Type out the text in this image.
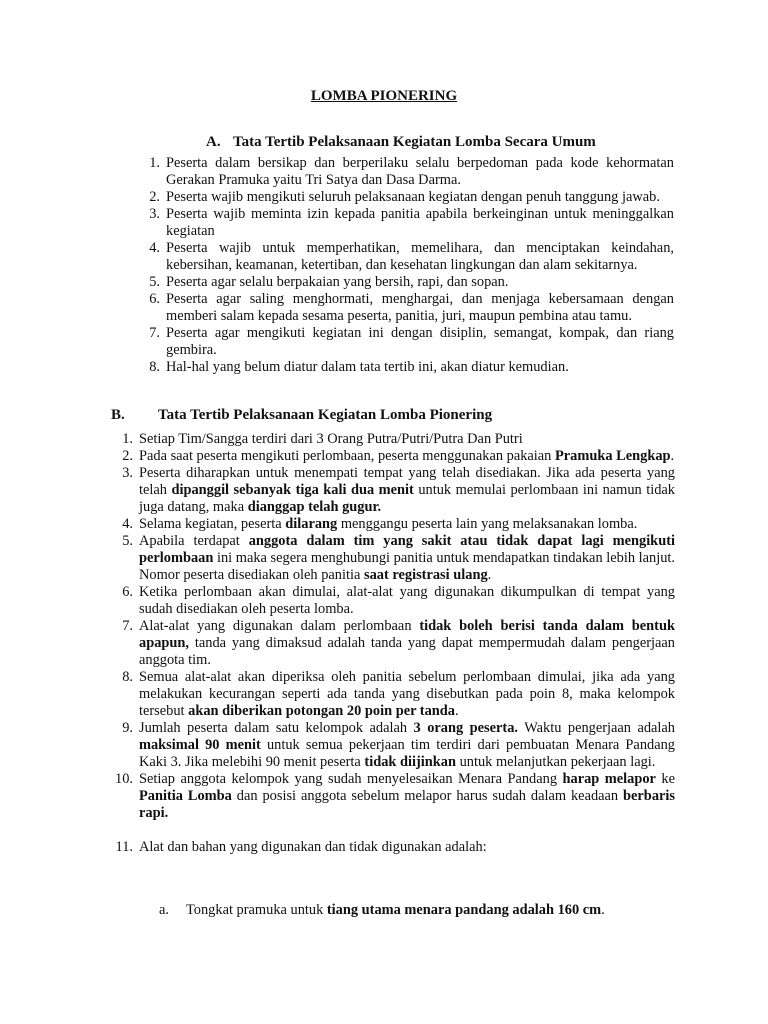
LOMBA PIONERING
A. Tata Tertib Pelaksanaan Kegiatan Lomba Secara Umum
1. Peserta dalam bersikap dan berperilaku selalu berpedoman pada kode kehormatan Gerakan Pramuka yaitu Tri Satya dan Dasa Darma.
2. Peserta wajib mengikuti seluruh pelaksanaan kegiatan dengan penuh tanggung jawab.
3. Peserta wajib meminta izin kepada panitia apabila berkeinginan untuk meninggalkan kegiatan
4. Peserta wajib untuk memperhatikan, memelihara, dan menciptakan keindahan, kebersihan, keamanan, ketertiban, dan kesehatan lingkungan dan alam sekitarnya.
5. Peserta agar selalu berpakaian yang bersih, rapi, dan sopan.
6. Peserta agar saling menghormati, menghargai, dan menjaga kebersamaan dengan memberi salam kepada sesama peserta, panitia, juri, maupun pembina atau tamu.
7. Peserta agar mengikuti kegiatan ini dengan disiplin, semangat, kompak, dan riang gembira.
8. Hal-hal yang belum diatur dalam tata tertib ini, akan diatur kemudian.
B. Tata Tertib Pelaksanaan Kegiatan Lomba Pionering
1. Setiap Tim/Sangga terdiri dari 3 Orang Putra/Putri/Putra Dan Putri
2. Pada saat peserta mengikuti perlombaan, peserta menggunakan pakaian Pramuka Lengkap.
3. Peserta diharapkan untuk menempati tempat yang telah disediakan. Jika ada peserta yang telah dipanggil sebanyak tiga kali dua menit untuk memulai perlombaan ini namun tidak juga datang, maka dianggap telah gugur.
4. Selama kegiatan, peserta dilarang menggangu peserta lain yang melaksanakan lomba.
5. Apabila terdapat anggota dalam tim yang sakit atau tidak dapat lagi mengikuti perlombaan ini maka segera menghubungi panitia untuk mendapatkan tindakan lebih lanjut. Nomor peserta disediakan oleh panitia saat registrasi ulang.
6. Ketika perlombaan akan dimulai, alat-alat yang digunakan dikumpulkan di tempat yang sudah disediakan oleh peserta lomba.
7. Alat-alat yang digunakan dalam perlombaan tidak boleh berisi tanda dalam bentuk apapun, tanda yang dimaksud adalah tanda yang dapat mempermudah dalam pengerjaan anggota tim.
8. Semua alat-alat akan diperiksa oleh panitia sebelum perlombaan dimulai, jika ada yang melakukan kecurangan seperti ada tanda yang disebutkan pada poin 8, maka kelompok tersebut akan diberikan potongan 20 poin per tanda.
9. Jumlah peserta dalam satu kelompok adalah 3 orang peserta. Waktu pengerjaan adalah maksimal 90 menit untuk semua pekerjaan tim terdiri dari pembuatan Menara Pandang Kaki 3. Jika melebihi 90 menit peserta tidak diijinkan untuk melanjutkan pekerjaan lagi.
10. Setiap anggota kelompok yang sudah menyelesaikan Menara Pandang harap melapor ke Panitia Lomba dan posisi anggota sebelum melapor harus sudah dalam keadaan berbaris rapi.
11. Alat dan bahan yang digunakan dan tidak digunakan adalah:
a. Tongkat pramuka untuk tiang utama menara pandang adalah 160 cm.
